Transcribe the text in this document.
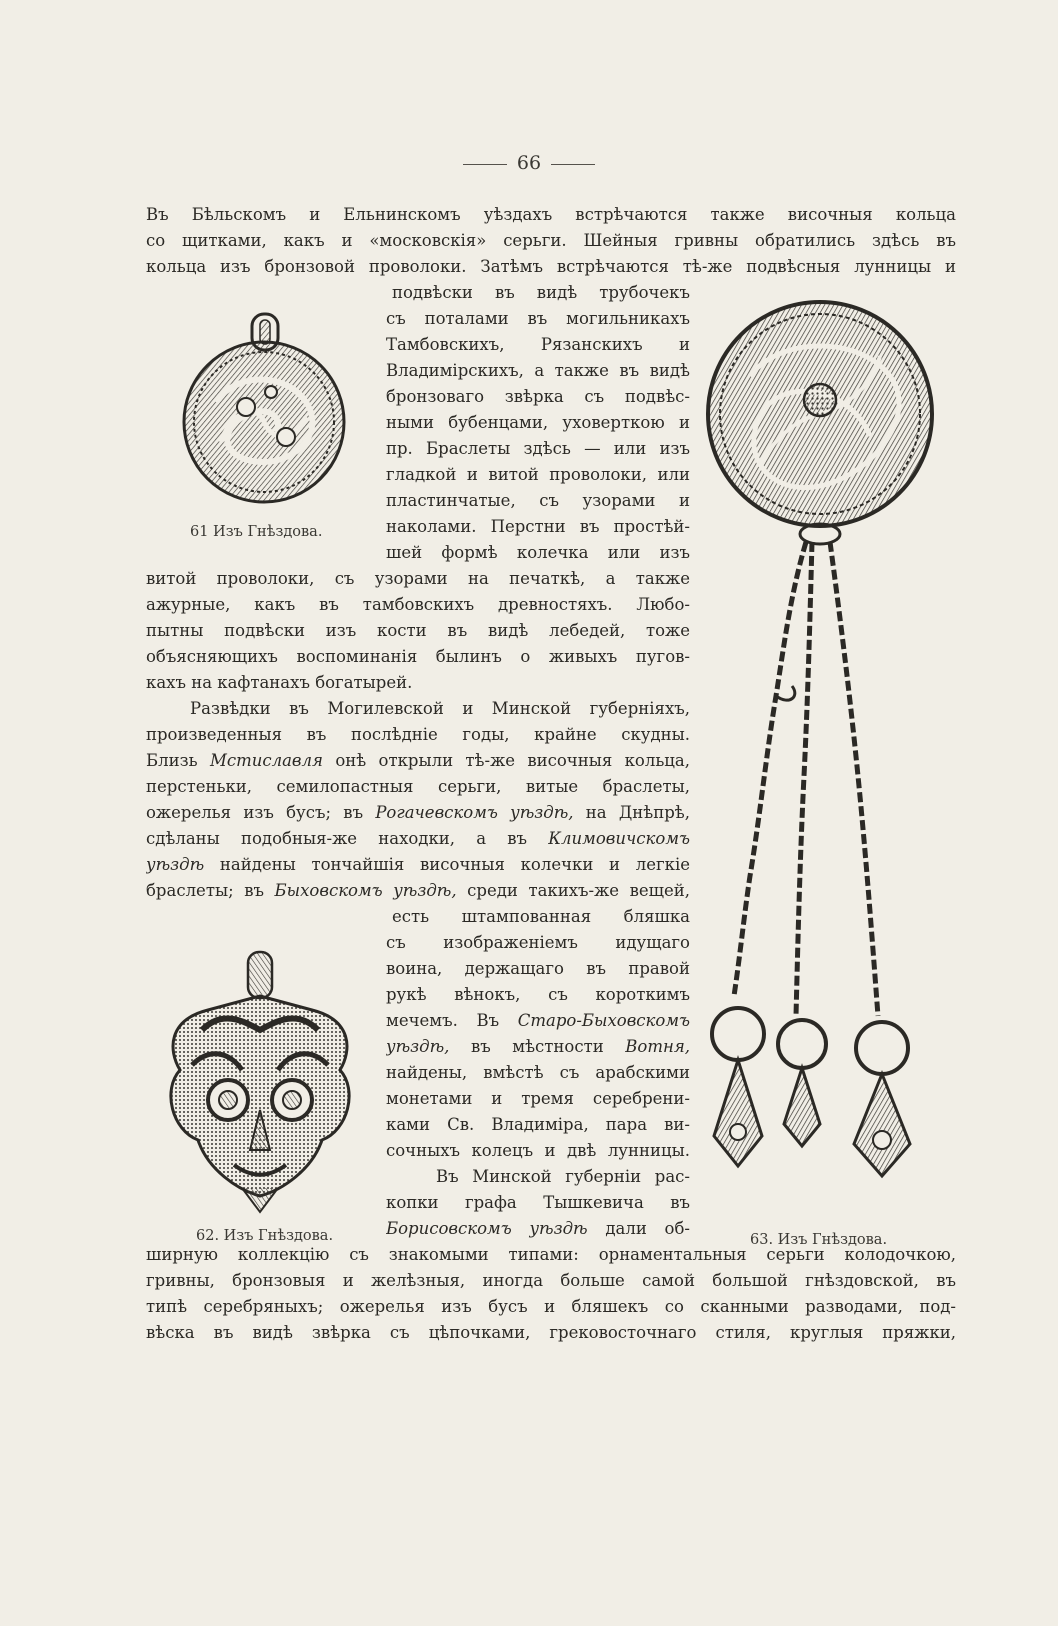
66
Въ Бѣльскомъ и Ельнинскомъ уѣздахъ встрѣчаются также височныя кольца
со щитками, какъ и «московскія» серьги. Шейныя гривны обратились здѣсь въ
кольца изъ бронзовой проволоки. Затѣмъ встрѣчаются тѣ-же подвѣсныя лунницы и
подвѣски въ видѣ трубочекъ
съ поталами въ могильникахъ
Тамбовскихъ, Рязанскихъ и
Владимірскихъ, а также въ видѣ
бронзоваго звѣрка съ подвѣс-
ными бубенцами, уховерткою и
пр. Браслеты здѣсь — или изъ
гладкой и витой проволоки, или
пластинчатые, съ узорами и
наколами. Перстни въ простѣй-
шей формѣ колечка или изъ
витой проволоки, съ узорами на печаткѣ, а также
ажурные, какъ въ тамбовскихъ древностяхъ. Любо-
пытны подвѣски изъ кости въ видѣ лебедей, тоже
объясняющихъ воспоминанія былинъ о живыхъ пугов-
кахъ на кафтанахъ богатырей.
Развѣдки въ Могилевской и Минской губерніяхъ,
произведенныя въ послѣдніе годы, крайне скудны.
Близь Мстиславля онѣ открыли тѣ-же височныя кольца,
перстеньки, семилопастныя серьги, витые браслеты,
ожерелья изъ бусъ; въ Рогачевскомъ уѣздѣ, на Днѣпрѣ,
сдѣланы подобныя-же находки, а въ Климовичскомъ
уѣздѣ найдены тончайшія височныя колечки и легкіе
браслеты; въ Быховскомъ уѣздѣ, среди такихъ-же вещей,
есть штампованная бляшка
съ изображеніемъ идущаго
воина, держащаго въ правой
рукѣ вѣнокъ, съ короткимъ
мечемъ. Въ Старо-Быховскомъ
уѣздѣ, въ мѣстности Вотня,
найдены, вмѣстѣ съ арабскими
монетами и тремя серебрени-
ками Св. Владиміра, пара ви-
сочныхъ колецъ и двѣ лунницы.
Въ Минской губерніи рас-
копки графа Тышкевича въ
Борисовскомъ уѣздѣ дали об-
ширную коллекцію съ знакомыми типами: орнаментальныя серьги колодочкою,
гривны, бронзовыя и желѣзныя, иногда больше самой большой гнѣздовской, въ
типѣ серебряныхъ; ожерелья изъ бусъ и бляшекъ со сканными разводами, под-
вѣска въ видѣ звѣрка съ цѣпочками, грековосточнаго стиля, круглыя пряжки,
61 Изъ Гнѣздова.
62. Изъ Гнѣздова.	63. Изъ Гнѣздова.
